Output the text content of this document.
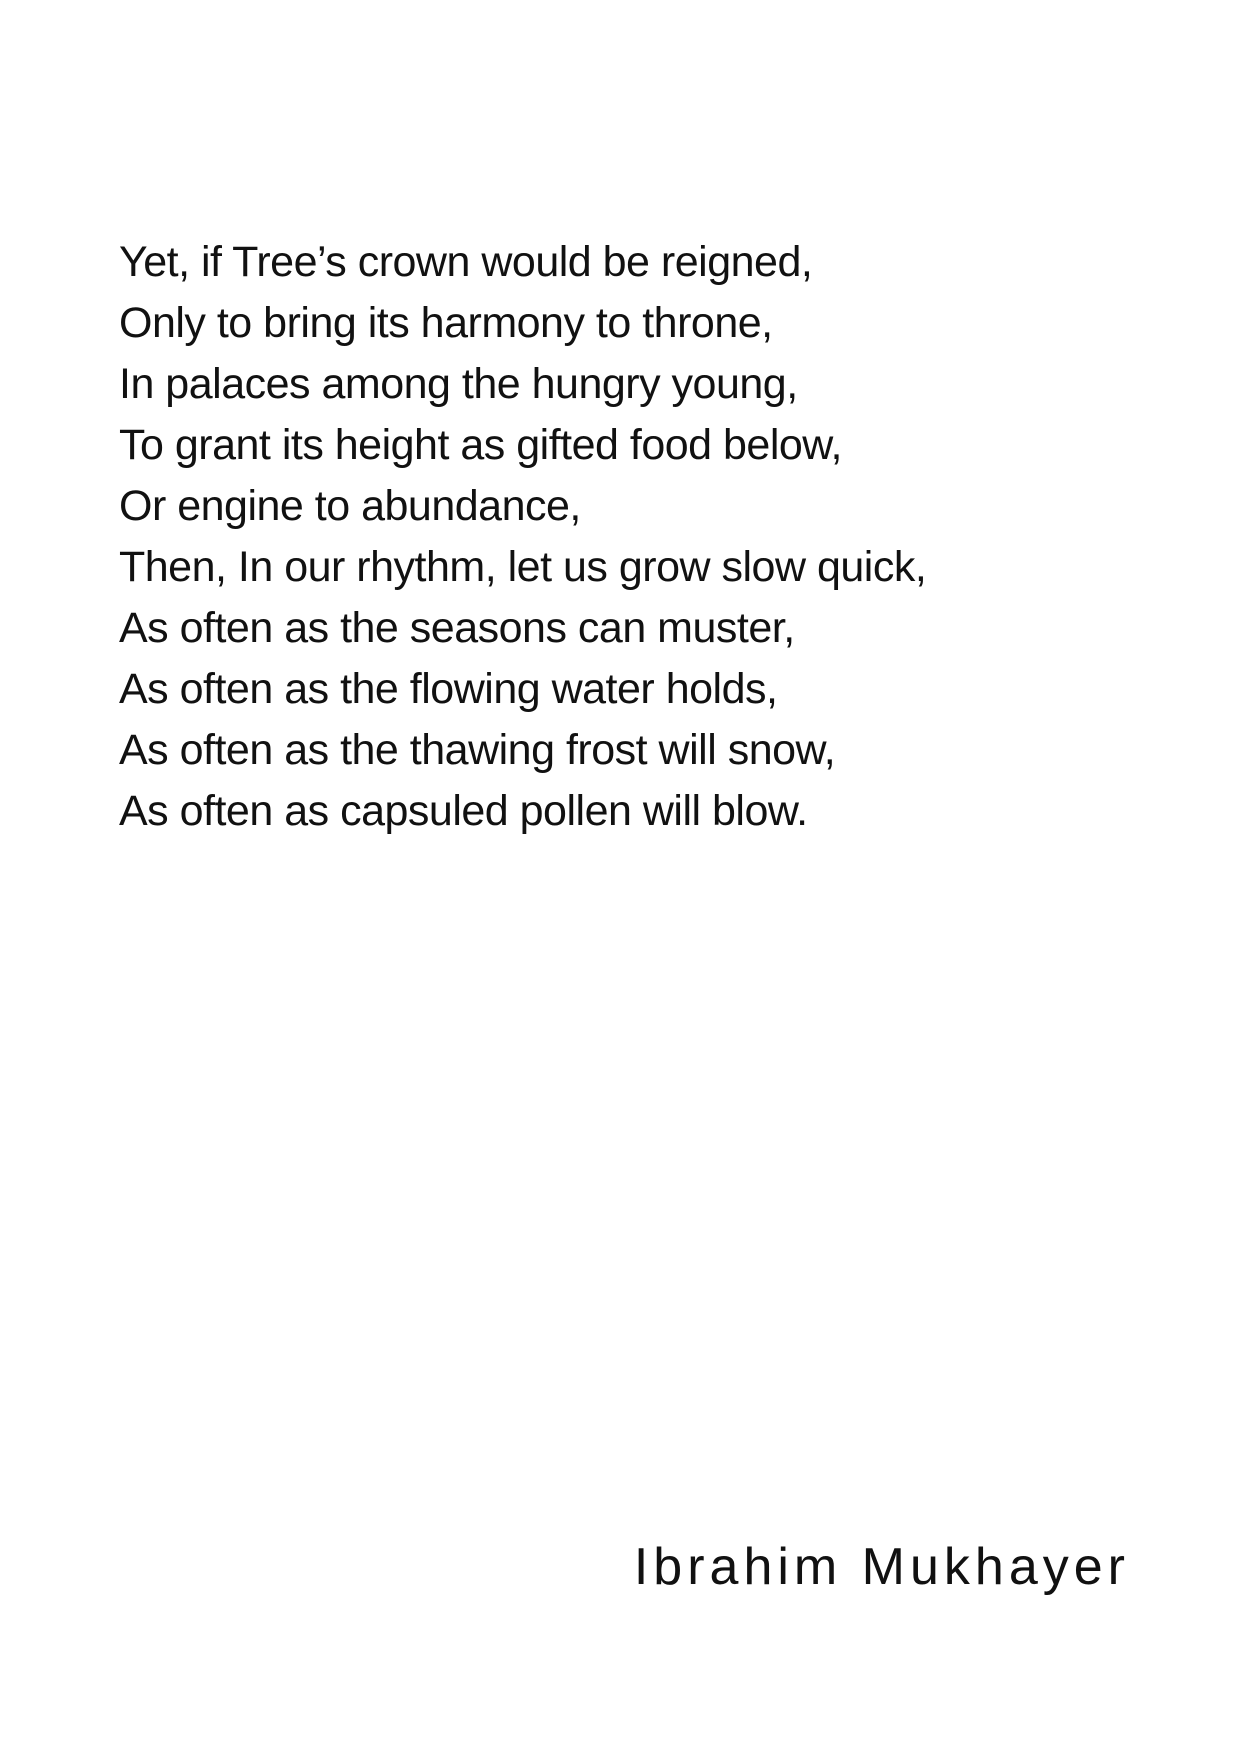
Yet, if Tree’s crown would be reigned,
Only to bring its harmony to throne,
In palaces among the hungry young,
To grant its height as gifted food below,
Or engine to abundance,
Then, In our rhythm, let us grow slow quick,
As often as the seasons can muster,
As often as the flowing water holds,
As often as the thawing frost will snow,
As often as capsuled pollen will blow.
Ibrahim Mukhayer
